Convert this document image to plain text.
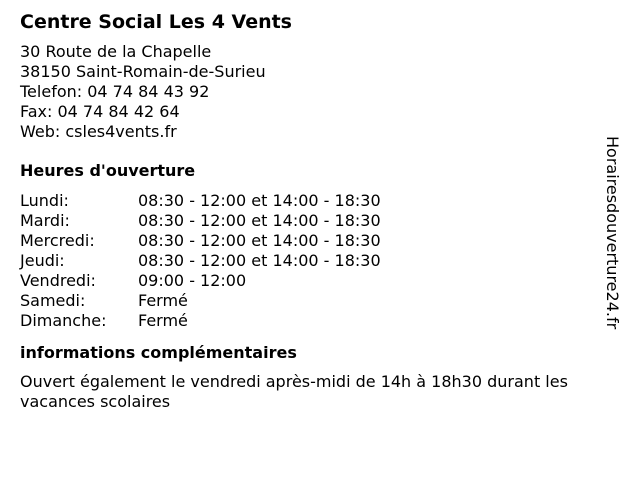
Centre Social Les 4 Vents
30 Route de la Chapelle
38150 Saint-Romain-de-Surieu
Telefon: 04 74 84 43 92
Fax: 04 74 84 42 64
Web: csles4vents.fr
Heures d'ouverture
Lundi:	08:30 - 12:00 et 14:00 - 18:30
Mardi:	08:30 - 12:00 et 14:00 - 18:30
Mercredi:	08:30 - 12:00 et 14:00 - 18:30
Jeudi:	08:30 - 12:00 et 14:00 - 18:30
Vendredi:	09:00 - 12:00
Samedi:	Fermé
Dimanche:	Fermé
informations complémentaires
Ouvert également le vendredi après-midi de 14h à 18h30 durant les vacances scolaires
Horairesdouverture24.fr
